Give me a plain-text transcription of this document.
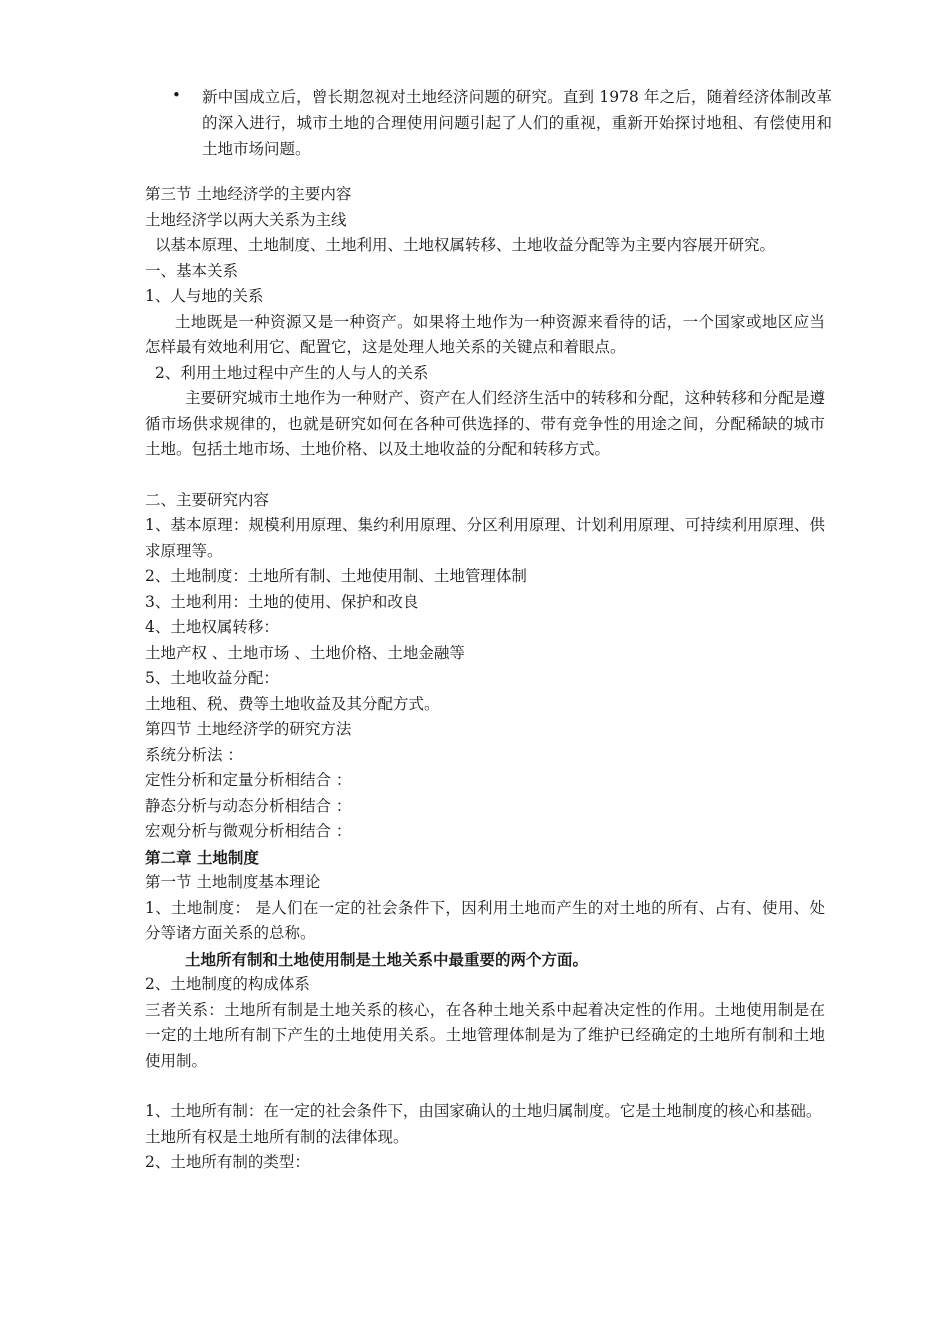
• 新中国成立后，曾长期忽视对土地经济问题的研究。直到 1978 年之后，随着经济体制改革的深入进行，城市土地的合理使用问题引起了人们的重视，重新开始探讨地租、有偿使用和土地市场问题。
第三节 土地经济学的主要内容
土地经济学以两大关系为主线
以基本原理、土地制度、土地利用、土地权属转移、土地收益分配等为主要内容展开研究。
一、基本关系
1、人与地的关系
土地既是一种资源又是一种资产。如果将土地作为一种资源来看待的话，一个国家或地区应当怎样最有效地利用它、配置它，这是处理人地关系的关键点和着眼点。
2、利用土地过程中产生的人与人的关系
主要研究城市土地作为一种财产、资产在人们经济生活中的转移和分配，这种转移和分配是遵循市场供求规律的，也就是研究如何在各种可供选择的、带有竞争性的用途之间，分配稀缺的城市土地。包括土地市场、土地价格、以及土地收益的分配和转移方式。
二、主要研究内容
1、基本原理：规模利用原理、集约利用原理、分区利用原理、计划利用原理、可持续利用原理、供求原理等。
2、土地制度：土地所有制、土地使用制、土地管理体制
3、土地利用：土地的使用、保护和改良
4、土地权属转移：
土地产权 、土地市场 、土地价格、土地金融等
5、土地收益分配：
土地租、税、费等土地收益及其分配方式。
第四节 土地经济学的研究方法
系统分析法 ：
定性分析和定量分析相结合 ：
静态分析与动态分析相结合 ：
宏观分析与微观分析相结合 ：
第二章 土地制度
第一节 土地制度基本理论
1、土地制度： 是人们在一定的社会条件下，因利用土地而产生的对土地的所有、占有、使用、处分等诸方面关系的总称。
土地所有制和土地使用制是土地关系中最重要的两个方面。
2、土地制度的构成体系
三者关系：土地所有制是土地关系的核心，在各种土地关系中起着决定性的作用。土地使用制是在一定的土地所有制下产生的土地使用关系。土地管理体制是为了维护已经确定的土地所有制和土地使用制。
1、土地所有制：在一定的社会条件下，由国家确认的土地归属制度。它是土地制度的核心和基础。
土地所有权是土地所有制的法律体现。
2、土地所有制的类型：
